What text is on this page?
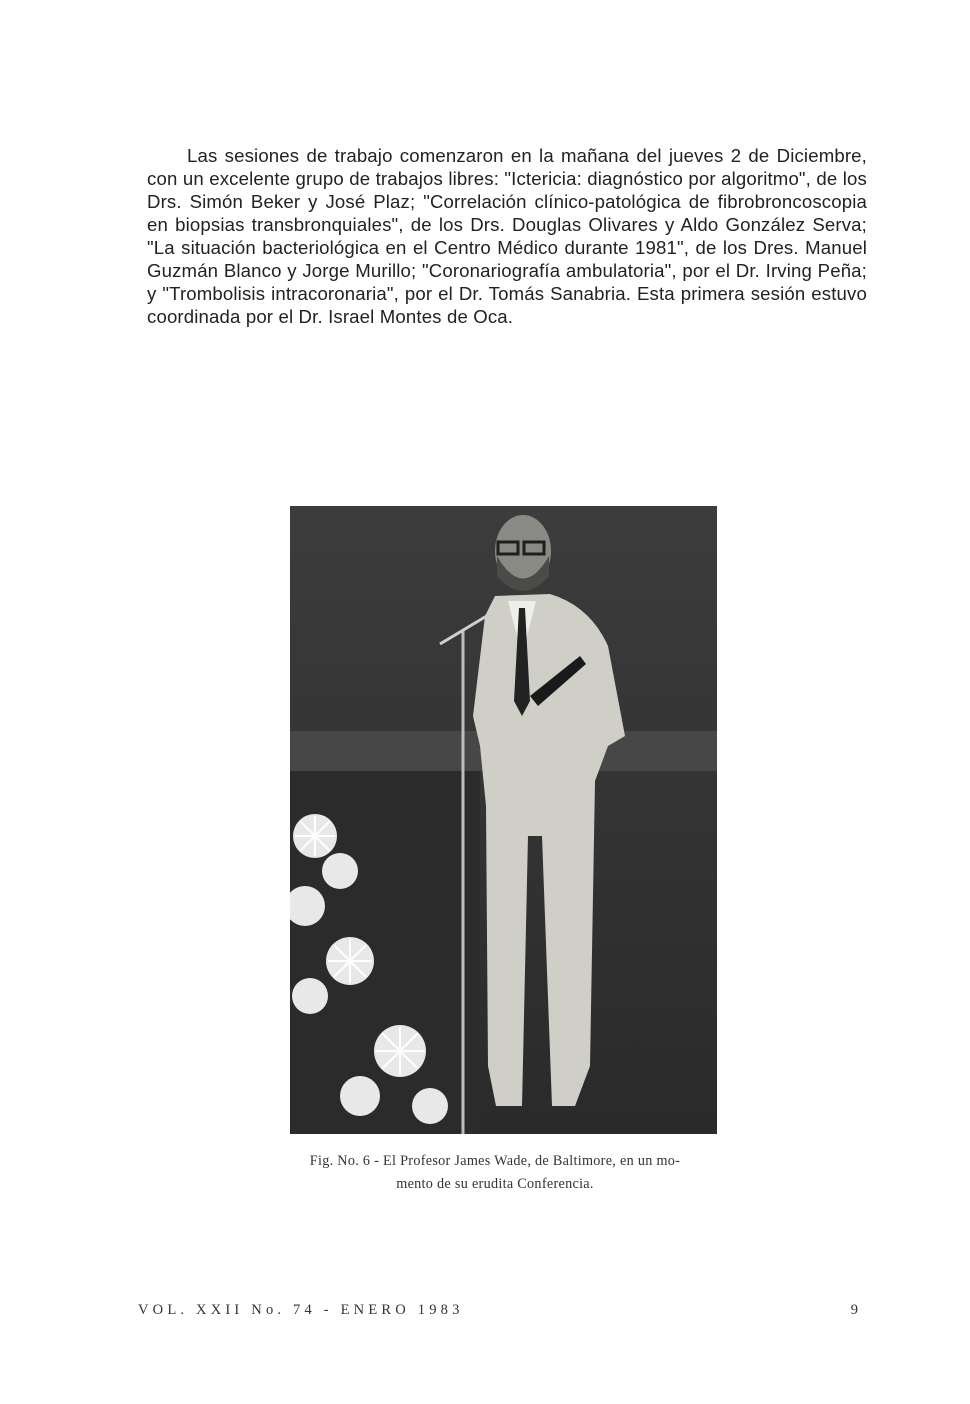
Las sesiones de trabajo comenzaron en la mañana del jueves 2 de Diciembre, con un excelente grupo de trabajos libres: "Ictericia: diagnóstico por algoritmo", de los Drs. Simón Beker y José Plaz; "Correlación clínico-patológica de fibrobroncoscopia en biopsias transbronquiales", de los Drs. Douglas Olivares y Aldo González Serva; "La situación bacteriológica en el Centro Médico durante 1981", de los Dres. Manuel Guzmán Blanco y Jorge Murillo; "Coronariografía ambulatoria", por el Dr. Irving Peña; y "Trombolisis intracoronaria", por el Dr. Tomás Sanabria. Esta primera sesión estuvo coordinada por el Dr. Israel Montes de Oca.

Fig. No. 6 - El Profesor James Wade, de Baltimore, en un mo-
mento de su erudita Conferencia.
VOL. XXII No. 74 - ENERO 1983	9
